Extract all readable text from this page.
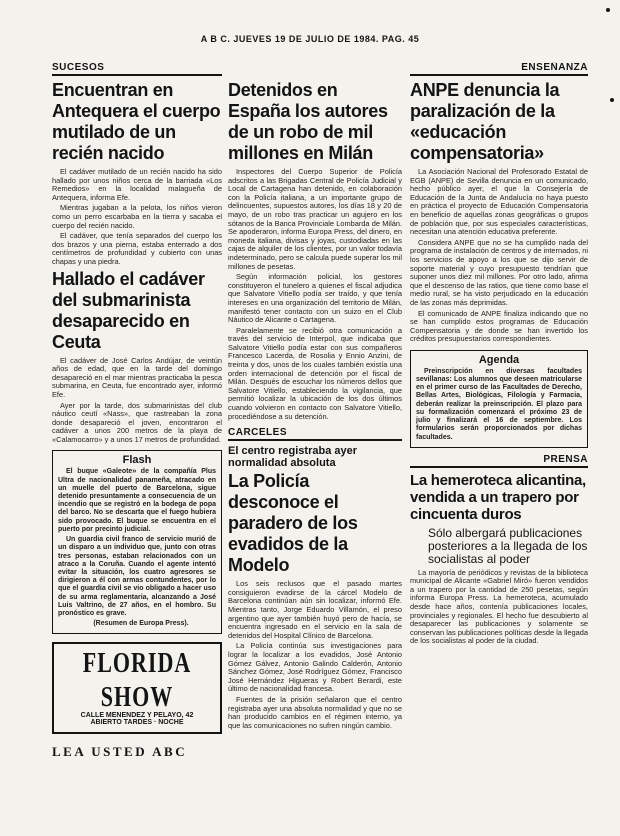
A B C. JUEVES 19 DE JULIO DE 1984. PAG. 45
SUCESOS
Encuentran en Antequera el cuerpo mutilado de un recién nacido

El cadáver mutilado de un recién nacido ha sido hallado por unos niños cerca de la barriada «Los Remedios» en la localidad malagueña de Antequera, informa Efe.

Mientras jugaban a la pelota, los niños vieron como un perro escarbaba en la tierra y sacaba el cuerpo del recién nacido.

El cadáver, que tenía separados del cuerpo los dos brazos y una pierna, estaba enterrado a dos centímetros de profundidad y cubierto con unas chapas y una piedra.

Hallado el cadáver del submarinista desaparecido en Ceuta

El cadáver de José Carlos Andújar, de veintún años de edad, que en la tarde del domingo desapareció en el mar mientras practicaba la pesca submarina, en Ceuta, fue encontrado ayer, informó Efe.

Ayer por la tarde, dos submarinistas del club náutico ceutí «Nass», que rastreaban la zona donde desapareció el joven, encontraron el cadáver a unos 200 metros de la playa de «Calamocarro» y a unos 17 metros de profundidad.

Flash

El buque «Galeote» de la compañía Plus Ultra de nacionalidad panameña, atracado en un muelle del puerto de Barcelona, sigue detenido presuntamente a consecuencia de un incendio que se registró en la bodega de popa del barco. No se descarta que el fuego hubiera sido provocado. El buque se encuentra en el puerto por precinto judicial.

Un guardia civil franco de servicio murió de un disparo a un individuo que, junto con otras tres personas, estaban relacionados con un atraco a la Coruña. Cuando el agente intentó evitar la situación, los cuatro agresores se dirigieron a él con armas contundentes, por lo que el guardia civil se vio obligado a hacer uso de su arma reglamentaria, alcanzando a José Luis Valtrino, de 27 años, en el hombro. Su pronóstico es grave.

(Resumen de Europa Press).

FLORIDA SHOW
CALLE MENENDEZ Y PELAYO, 42
ABIERTO TARDES · NOCHE
LEA USTED ABC
Detenidos en España los autores de un robo de mil millones en Milán

Inspectores del Cuerpo Superior de Policía adscritos a las Brigadas Central de Policía Judicial y Local de Cartagena han detenido, en colaboración con la Policía italiana, a un importante grupo de delincuentes, supuestos autores, los días 18 y 20 de mayo, de un robo tras practicar un agujero en los sótanos de la Banca Provinciale Lombarda de Milán. Se apoderaron, informa Europa Press, del dinero, en moneda italiana, divisas y joyas, custodiadas en las cajas de alquiler de los clientes, por un valor todavía indeterminado, pero se calcula puede superar los mil millones de pesetas.

Según información policial, los gestores constituyeron el tunelero a quienes el fiscal adjudica que Salvatore Vitiello podía ser traído, y que tenía intereses en una organización del territorio de Milán, manifestó tener contacto con un suizo en el Club Náutico de Alicante o Cartagena.

Paralelamente se recibió otra comunicación a través del servicio de Interpol, que indicaba que Salvatore Vitiello podía estar con sus compañeros Francesco Lacerda, de Rosolia y Ennio Anzini, de treinta y dos, unos de los cuales también existía una orden internacional de detención por el fiscal de Milán. Después de escuchar los números dellos que Salvatore Vitiello, estableciendo la vigilancia, que permitió localizar la ubicación de los dos últimos cuando volvieron en contacto con Salvatore Vitiello, procediéndose a su detención.

CARCELES
El centro registraba ayer normalidad absoluta
La Policía desconoce el paradero de los evadidos de la Modelo

Los seis reclusos que el pasado martes consiguieron evadirse de la cárcel Modelo de Barcelona continúan aún sin localizar, informó Efe. Mientras tanto, Jorge Eduardo Villamón, el preso argentino que ayer también huyó pero de hacía, se encuentra ingresado en el servicio en la sala de detenidos del Hospital Clínico de Barcelona.

La Policía continúa sus investigaciones para lograr la localizar a los evadidos, José Antonio Gómez Gálvez, Antonio Galindo Calderón, Antonio Sánchez Gómez, José Rodríguez Gómez, Francisco José Hernández Higueras y Robert Berardi, este último de nacionalidad francesa.

Fuentes de la prisión señalaron que el centro registraba ayer una absoluta normalidad y que no se han producido cambios en el régimen interno, ya que las comunicaciones no sufren ningún cambio.

ENSEÑANZA
ANPE denuncia la paralización de la «educación compensatoria»

La Asociación Nacional del Profesorado Estatal de EGB (ANPE) de Sevilla denuncia en un comunicado, hecho público ayer, el que la Consejería de Educación de la Junta de Andalucía no haya puesto en práctica el proyecto de Educación Compensatoria en beneficio de aquellas zonas geográficas o grupos de población que, por sus especiales características, necesitan una atención educativa preferente.

Considera ANPE que no se ha cumplido nada del programa de instalación de centros y de internados, ni los servicios de apoyo a los que se dijo servir de soporte material y cuyo presupuesto tendrían que suponer unos diez mil millones. Por otro lado, afirma que el descenso de las ratios, que tiene como base el medio rural, se ha visto perjudicado en la educación de las zonas más deprimidas.

El comunicado de ANPE finaliza indicando que no se han cumplido estos programas de Educación Compensatoria y de donde se han invertido los créditos presupuestarios correspondientes.

Agenda

Preinscripción en diversas facultades sevillanas: Los alumnos que deseen matricularse en el primer curso de las Facultades de Derecho, Bellas Artes, Biológicas, Filología y Farmacia, deberán realizar la preinscripción. El plazo para su formalización comenzará el próximo 23 de julio y finalizará el 16 de septiembre. Los formularios serán proporcionados por dichas facultades.

PRENSA
La hemeroteca alicantina, vendida a un trapero por cincuenta duros
Sólo albergará publicaciones posteriores a la llegada de los socialistas al poder

La mayoría de periódicos y revistas de la biblioteca municipal de Alicante «Gabriel Miró» fueron vendidos a un trapero por la cantidad de 250 pesetas, según informa Europa Press. La hemeroteca, acumulado desde hace años, contenía publicaciones locales, provinciales y regionales. El hecho fue descubierto al desaparecer las publicaciones y solamente se conservan las publicaciones políticas desde la llegada de los socialistas al poder de la ciudad.
